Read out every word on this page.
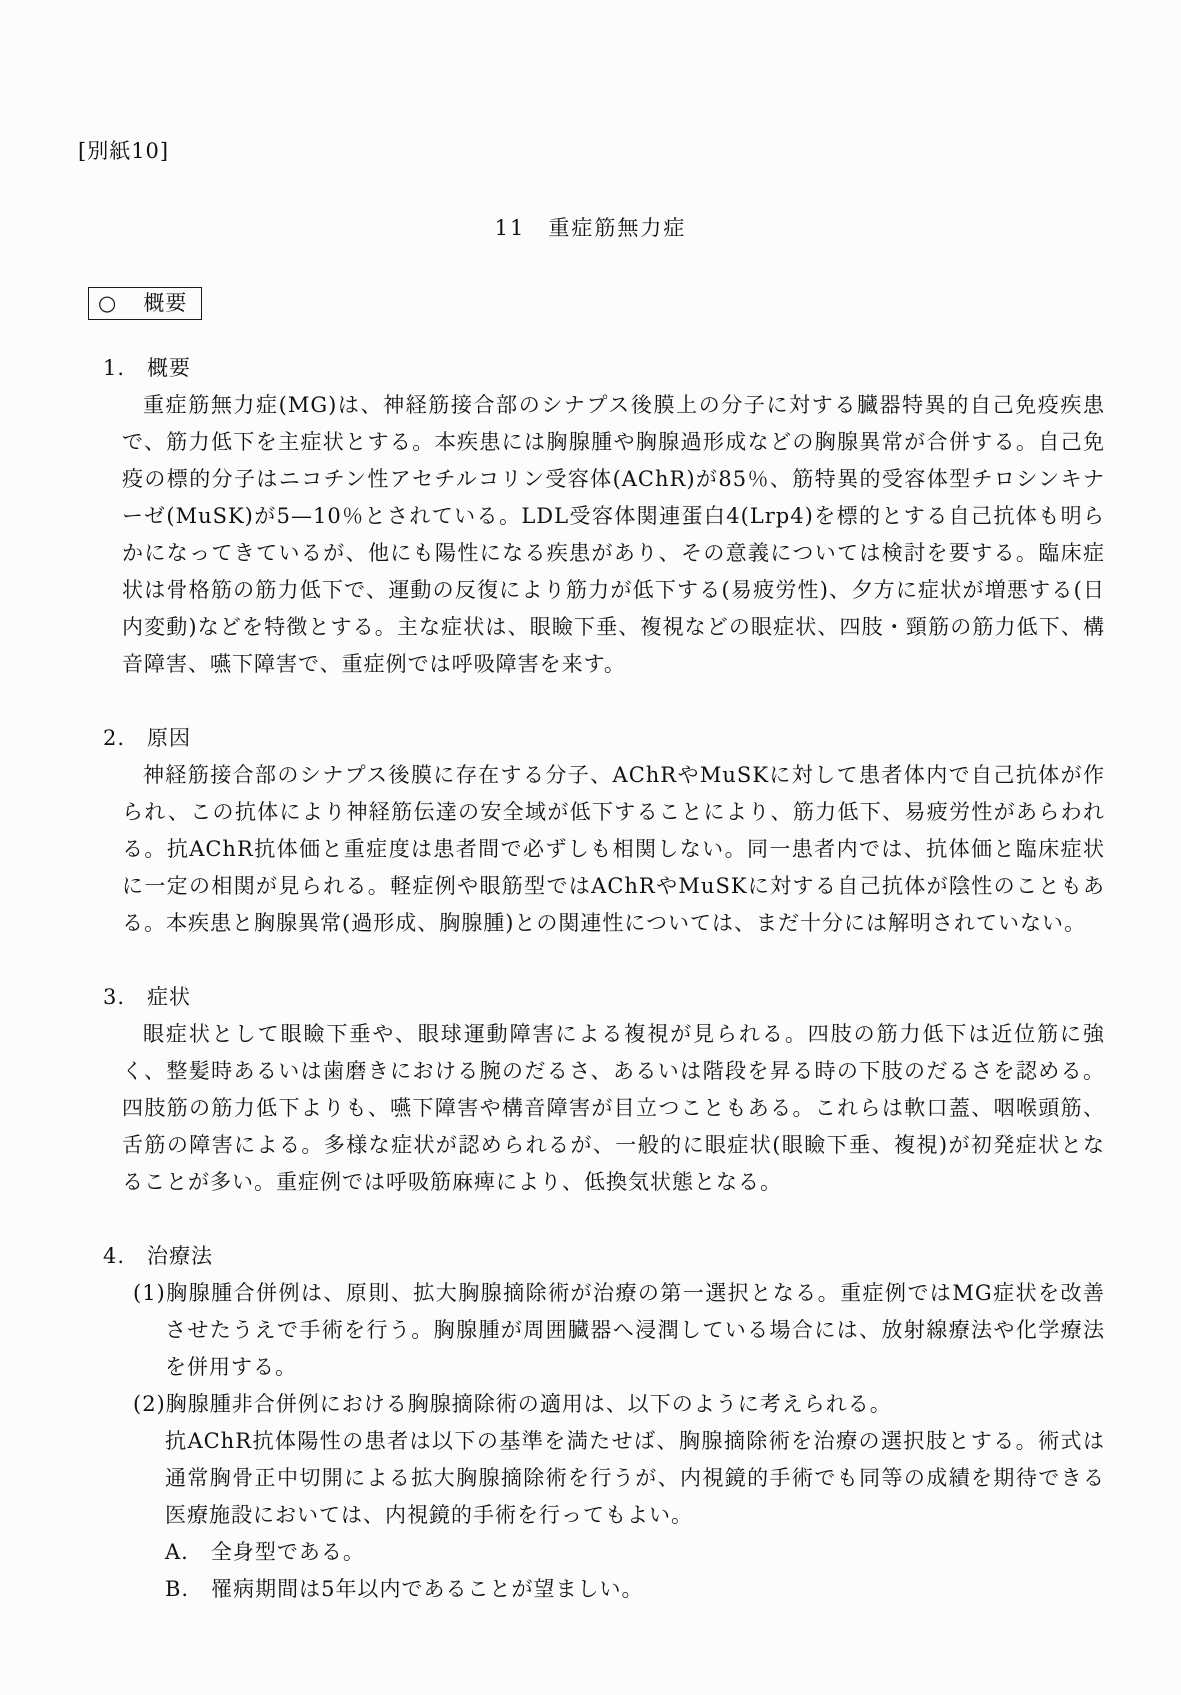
[別紙10]
11　重症筋無力症
○ 概要
1.　概要

重症筋無力症(MG)は、神経筋接合部のシナプス後膜上の分子に対する臓器特異的自己免疫疾患で、筋力低下を主症状とする。本疾患には胸腺腫や胸腺過形成などの胸腺異常が合併する。自己免疫の標的分子はニコチン性アセチルコリン受容体(AChR)が85％、筋特異的受容体型チロシンキナーゼ(MuSK)が5—10％とされている。LDL受容体関連蛋白4(Lrp4)を標的とする自己抗体も明らかになってきているが、他にも陽性になる疾患があり、その意義については検討を要する。臨床症状は骨格筋の筋力低下で、運動の反復により筋力が低下する(易疲労性)、夕方に症状が増悪する(日内変動)などを特徴とする。主な症状は、眼瞼下垂、複視などの眼症状、四肢・頸筋の筋力低下、構音障害、嚥下障害で、重症例では呼吸障害を来す。

2.　原因

神経筋接合部のシナプス後膜に存在する分子、AChRやMuSKに対して患者体内で自己抗体が作られ、この抗体により神経筋伝達の安全域が低下することにより、筋力低下、易疲労性があらわれる。抗AChR抗体価と重症度は患者間で必ずしも相関しない。同一患者内では、抗体価と臨床症状に一定の相関が見られる。軽症例や眼筋型ではAChRやMuSKに対する自己抗体が陰性のこともある。本疾患と胸腺異常(過形成、胸腺腫)との関連性については、まだ十分には解明されていない。

3.　症状

眼症状として眼瞼下垂や、眼球運動障害による複視が見られる。四肢の筋力低下は近位筋に強く、整髪時あるいは歯磨きにおける腕のだるさ、あるいは階段を昇る時の下肢のだるさを認める。四肢筋の筋力低下よりも、嚥下障害や構音障害が目立つこともある。これらは軟口蓋、咽喉頭筋、舌筋の障害による。多様な症状が認められるが、一般的に眼症状(眼瞼下垂、複視)が初発症状となることが多い。重症例では呼吸筋麻痺により、低換気状態となる。

4.　治療法

(1)胸腺腫合併例は、原則、拡大胸腺摘除術が治療の第一選択となる。重症例ではMG症状を改善させたうえで手術を行う。胸腺腫が周囲臓器へ浸潤している場合には、放射線療法や化学療法を併用する。

(2)胸腺腫非合併例における胸腺摘除術の適用は、以下のように考えられる。

抗AChR抗体陽性の患者は以下の基準を満たせば、胸腺摘除術を治療の選択肢とする。術式は通常胸骨正中切開による拡大胸腺摘除術を行うが、内視鏡的手術でも同等の成績を期待できる医療施設においては、内視鏡的手術を行ってもよい。

A.　全身型である。
B.　罹病期間は5年以内であることが望ましい。
